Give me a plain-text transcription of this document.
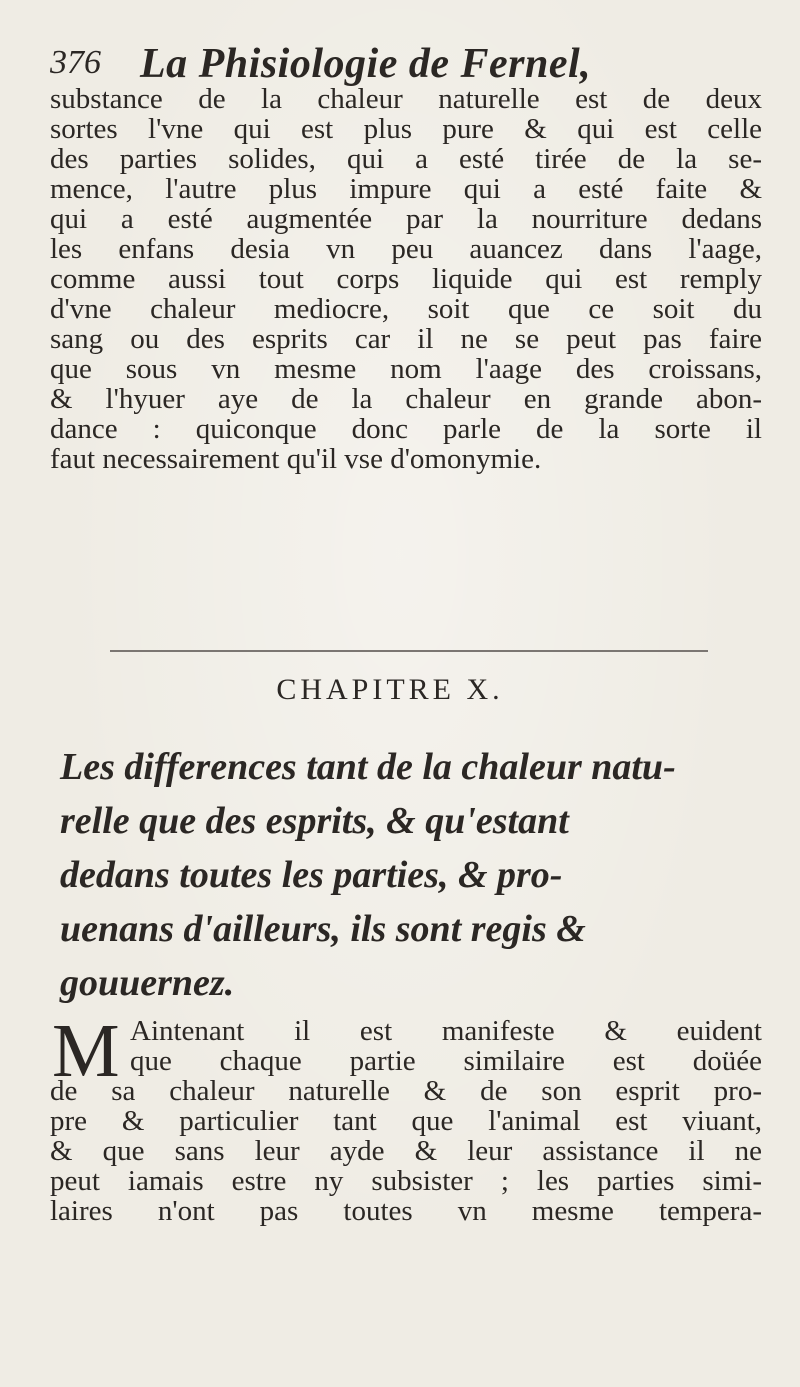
376 La Phisiologie de Fernel,
substance de la chaleur naturelle est de deux
sortes l'vne qui est plus pure & qui est celle
des parties solides, qui a esté tirée de la se-
mence, l'autre plus impure qui a esté faite &
qui a esté augmentée par la nourriture dedans
les enfans desia vn peu auancez dans l'aage,
comme aussi tout corps liquide qui est remply
d'vne chaleur mediocre, soit que ce soit du
sang ou des esprits car il ne se peut pas faire
que sous vn mesme nom l'aage des croissans,
& l'hyuer aye de la chaleur en grande abon-
dance : quiconque donc parle de la sorte il
faut necessairement qu'il vse d'omonymie.
CHAPITRE X.
Les differences tant de la chaleur natu-
relle que des esprits, & qu'estant
dedans toutes les parties, & pro-
uenans d'ailleurs, ils sont regis &
gouuernez.
M Aintenant il est manifeste & euident
que chaque partie similaire est doüée
de sa chaleur naturelle & de son esprit pro-
pre & particulier tant que l'animal est viuant,
& que sans leur ayde & leur assistance il ne
peut iamais estre ny subsister ; les parties simi-
laires n'ont pas toutes vn mesme tempera-
